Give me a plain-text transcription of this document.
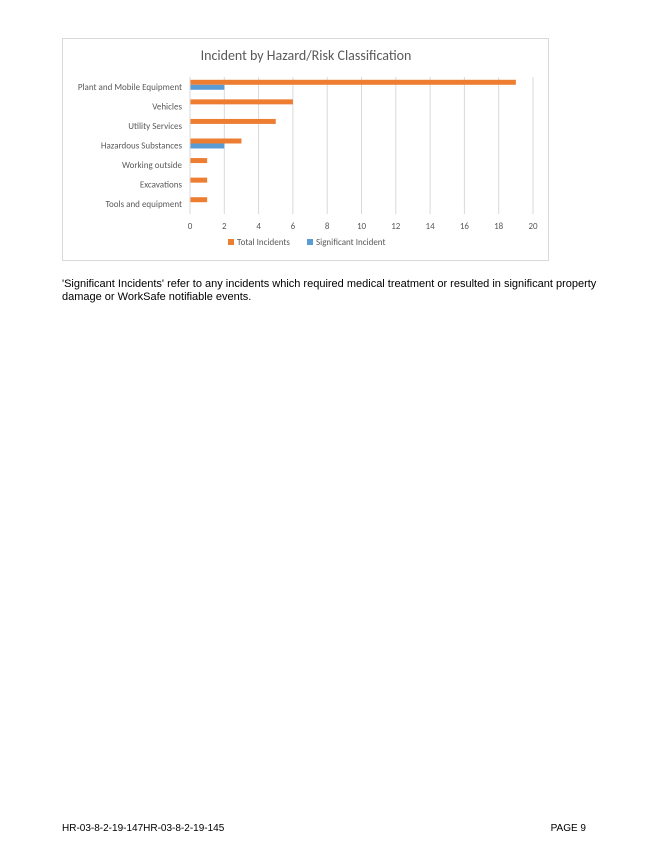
Incident by Hazard/Risk Classification
0	2	4	6	8	10	12	14	16	18	20
Plant and Mobile Equipment
Vehicles
Utility Services
Hazardous Substances
Working outside
Excavations
Tools and equipment
Total Incidents	Significant Incident

'Significant Incidents' refer to any incidents which required medical treatment or resulted in significant property damage or WorkSafe notifiable events.

HR-03-8-2-19-147HR-03-8-2-19-145	PAGE 9
